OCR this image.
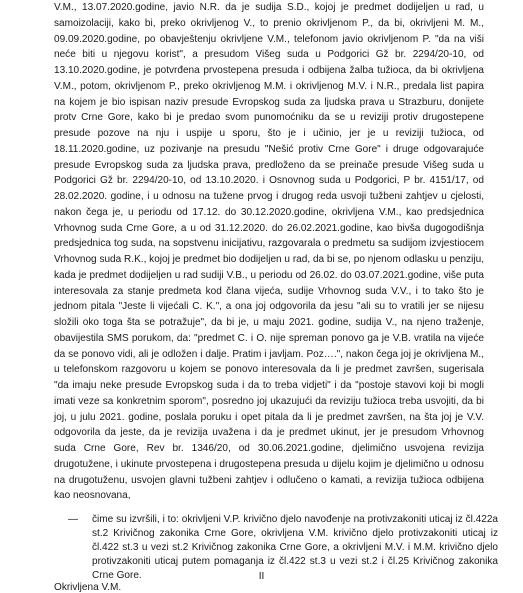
V.M., 13.07.2020.godine, javio N.R. da je sudija S.D., kojoj je predmet dodijeljen u rad, u samoizolaciji, kako bi, preko okrivljenog V., to prenio okrivljenom P., da bi, okrivljeni M. M., 09.09.2020.godine, po obavještenju okrivljene V.M., telefonom javio okrivljenom P. "da na viši neće biti u njegovu korist", a presudom Višeg suda u Podgorici Gž br. 2294/20-10, od 13.10.2020.godine, je potvrđena prvostepena presuda i odbijena žalba tužioca, da bi okrivljena V.M., potom, okrivljenom P., preko okrivljenog M.M. i okrivljenog M.V. i N.R., predala list papira na kojem je bio ispisan naziv presude Evropskog suda za ljudska prava u Strazburu, donijete protv Crne Gore, kako bi je predao svom punomoćniku da se u reviziji protiv drugostepene presude pozove na nju i uspije u sporu, što je i učinio, jer je u reviziji tužioca, od 18.11.2020.godine, uz pozivanje na presudu "Nešić protiv Crne Gore" i druge odgovarajuće presude Evropskog suda za ljudska prava, predloženo da se preinače presude Višeg suda u Podgorici Gž br. 2294/20-10, od 13.10.2020. i Osnovnog suda u Podgorici, P br. 4151/17, od 28.02.2020. godine, i u odnosu na tužene prvog i drugog reda usvoji tužbeni zahtjev u cjelosti, nakon čega je, u periodu od 17.12. do 30.12.2020.godine, okrivljena V.M., kao predsjednica Vrhovnog suda Crne Gore, a u od 31.12.2020. do 26.02.2021.godine, kao bivša dugogodišnja predsjednica tog suda, na sopstvenu inicijativu, razgovarala o predmetu sa sudijom izvjestiocem Vrhovnog suda R.K., kojoj je predmet bio dodijeljen u rad, da bi se, po njenom odlasku u penziju, kada je predmet dodijeljen u rad sudiji V.B., u periodu od 26.02. do 03.07.2021.godine, više puta interesovala za stanje predmeta kod člana vijeća, sudije Vrhovnog suda V.V., i to tako što je jednom pitala "Jeste li vijećali C. K.", a ona joj odgovorila da jesu "ali su to vratili jer se nijesu složili oko toga šta se potražuje", da bi je, u maju 2021. godine, sudija V., na njeno traženje, obavijestila SMS porukom, da: "predmet C. i O. nije spreman ponovo ga je V.B. vratila na vijeće da se ponovo vidi, ali je odložen i dalje. Pratim i javljam. Poz….", nakon čega joj je okrivljena M., u telefonskom razgovoru u kojem se ponovo interesovala da li je predmet završen, sugerisala "da imaju neke presude Evropskog suda i da to treba vidjeti" i da "postoje stavovi koji bi mogli imati veze sa konkretnim sporom", posredno joj ukazujući da reviziju tužioca treba usvojiti, da bi joj, u julu 2021. godine, poslala poruku i opet pitala da li je predmet završen, na šta joj je V.V. odgovorila da jeste, da je revizija uvažena i da je predmet ukinut, jer je presudom Vrhovnog suda Crne Gore, Rev br. 1346/20, od 30.06.2021.godine, djelimično usvojena revizija drugotužene, i ukinute prvostepena i drugostepena presuda u dijelu kojim je djelimično u odnosu na drugotuženu, usvojen glavni tužbeni zahtjev i odlučeno o kamati, a revizija tužioca odbijena kao neosnovana,

— čime su izvršili, i to: okrivljeni V.P. krivično djelo navođenje na protivzakoniti uticaj iz čl.422a st.2 Krivičnog zakonika Crne Gore, okrivljena V.M. krivično djelo protivzakoniti uticaj iz čl.422 st.3 u vezi st.2 Krivičnog zakonika Crne Gore, a okrivljeni M.V. i M.M. krivično djelo protivzakoniti uticaj putem pomaganja iz čl.422 st.3 u vezi st.2 i čl.25 Krivičnog zakonika Crne Gore.	II
Okrivljena V.M.
